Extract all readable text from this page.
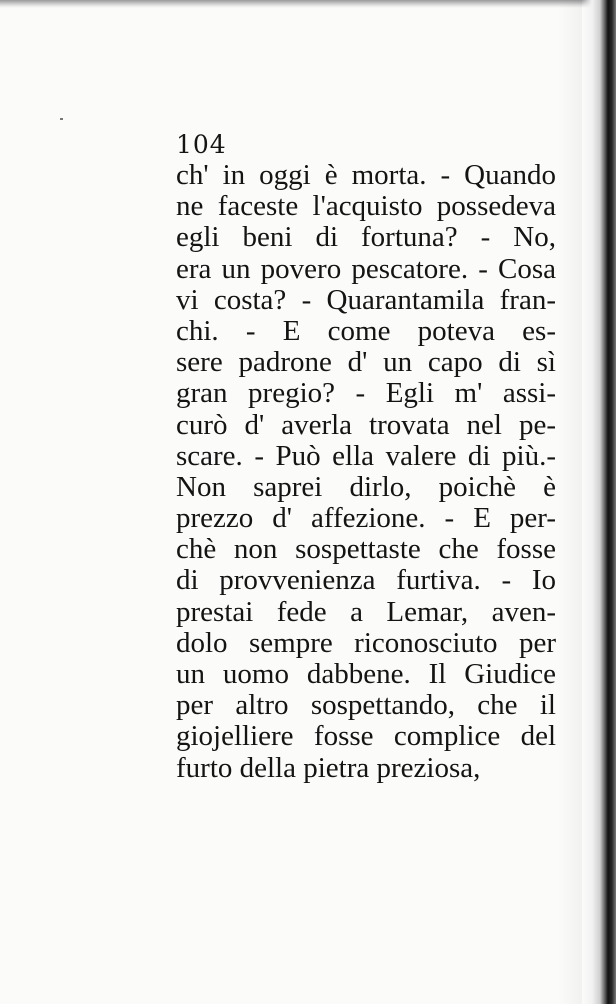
104
ch' in oggi è morta. - Quando
ne faceste l'acquisto possedeva
egli beni di fortuna? - No,
era un povero pescatore. - Cosa
vi costa? - Quarantamila fran-
chi. - E come poteva es-
sere padrone d' un capo di sì
gran pregio? - Egli m' assi-
curò d' averla trovata nel pe-
scare. - Può ella valere di più.-
Non saprei dirlo, poichè è
prezzo d' affezione. - E per-
chè non sospettaste che fosse
di provvenienza furtiva. - Io
prestai fede a Lemar, aven-
dolo sempre riconosciuto per
un uomo dabbene. Il Giudice
per altro sospettando, che il
giojelliere fosse complice del
furto della pietra preziosa,
